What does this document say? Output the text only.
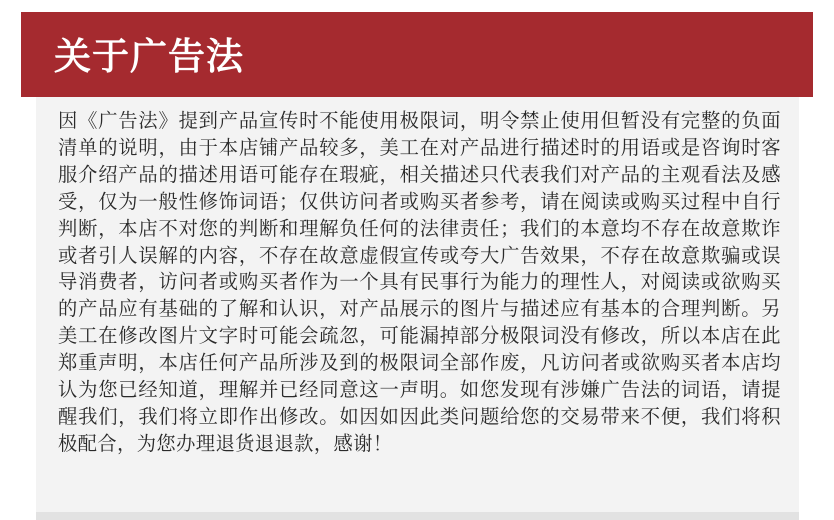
关于广告法

因《广告法》提到产品宣传时不能使用极限词，明令禁止使用但暂没有完整的负面清单的说明，由于本店铺产品较多，美工在对产品进行描述时的用语或是咨询时客服介绍产品的描述用语可能存在瑕疵，相关描述只代表我们对产品的主观看法及感受，仅为一般性修饰词语；仅供访问者或购买者参考，请在阅读或购买过程中自行判断，本店不对您的判断和理解负任何的法律责任；我们的本意均不存在故意欺诈或者引人误解的内容，不存在故意虚假宣传或夸大广告效果，不存在故意欺骗或误导消费者，访问者或购买者作为一个具有民事行为能力的理性人，对阅读或欲购买的产品应有基础的了解和认识，对产品展示的图片与描述应有基本的合理判断。另美工在修改图片文字时可能会疏忽，可能漏掉部分极限词没有修改，所以本店在此郑重声明，本店任何产品所涉及到的极限词全部作废，凡访问者或欲购买者本店均认为您已经知道，理解并已经同意这一声明。如您发现有涉嫌广告法的词语，请提醒我们，我们将立即作出修改。如因如因此类问题给您的交易带来不便，我们将积极配合，为您办理退货退退款，感谢！
